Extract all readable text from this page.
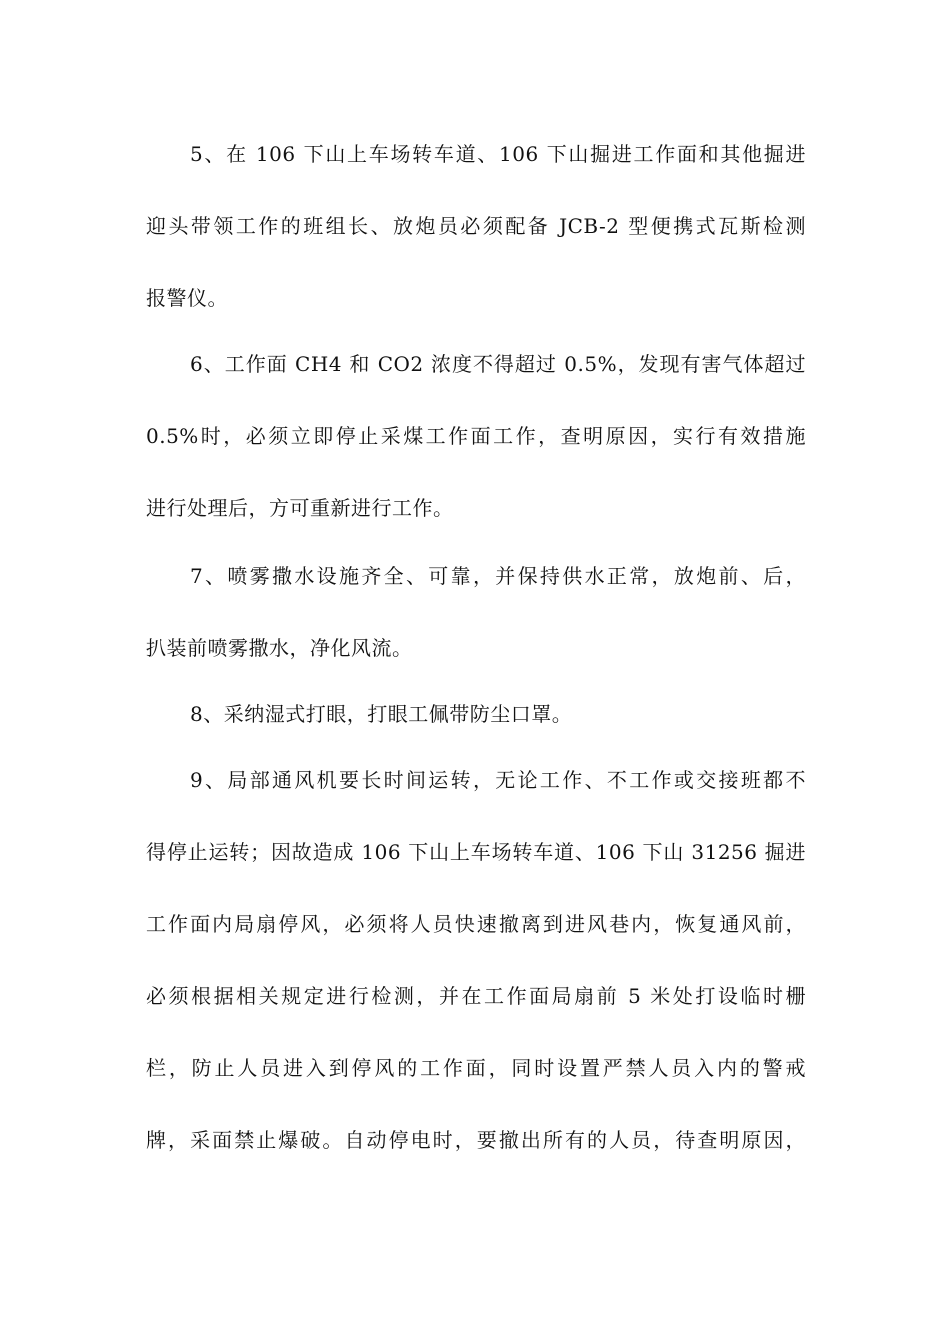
5、在 106 下山上车场转车道、106 下山掘进工作面和其他掘进
迎头带领工作的班组长、放炮员必须配备 JCB-2 型便携式瓦斯检测
报警仪。
6、工作面 CH4 和 CO2 浓度不得超过 0.5%，发现有害气体超过
0.5%时，必须立即停止采煤工作面工作，查明原因，实行有效措施
进行处理后，方可重新进行工作。
7、喷雾撒水设施齐全、可靠，并保持供水正常，放炮前、后，
扒装前喷雾撒水，净化风流。
8、采纳湿式打眼，打眼工佩带防尘口罩。
9、局部通风机要长时间运转，无论工作、不工作或交接班都不
得停止运转；因故造成 106 下山上车场转车道、106 下山 31256 掘进
工作面内局扇停风，必须将人员快速撤离到进风巷内，恢复通风前，
必须根据相关规定进行检测，并在工作面局扇前 5 米处打设临时栅
栏，防止人员进入到停风的工作面，同时设置严禁人员入内的警戒
牌，采面禁止爆破。自动停电时，要撤出所有的人员，待查明原因，
